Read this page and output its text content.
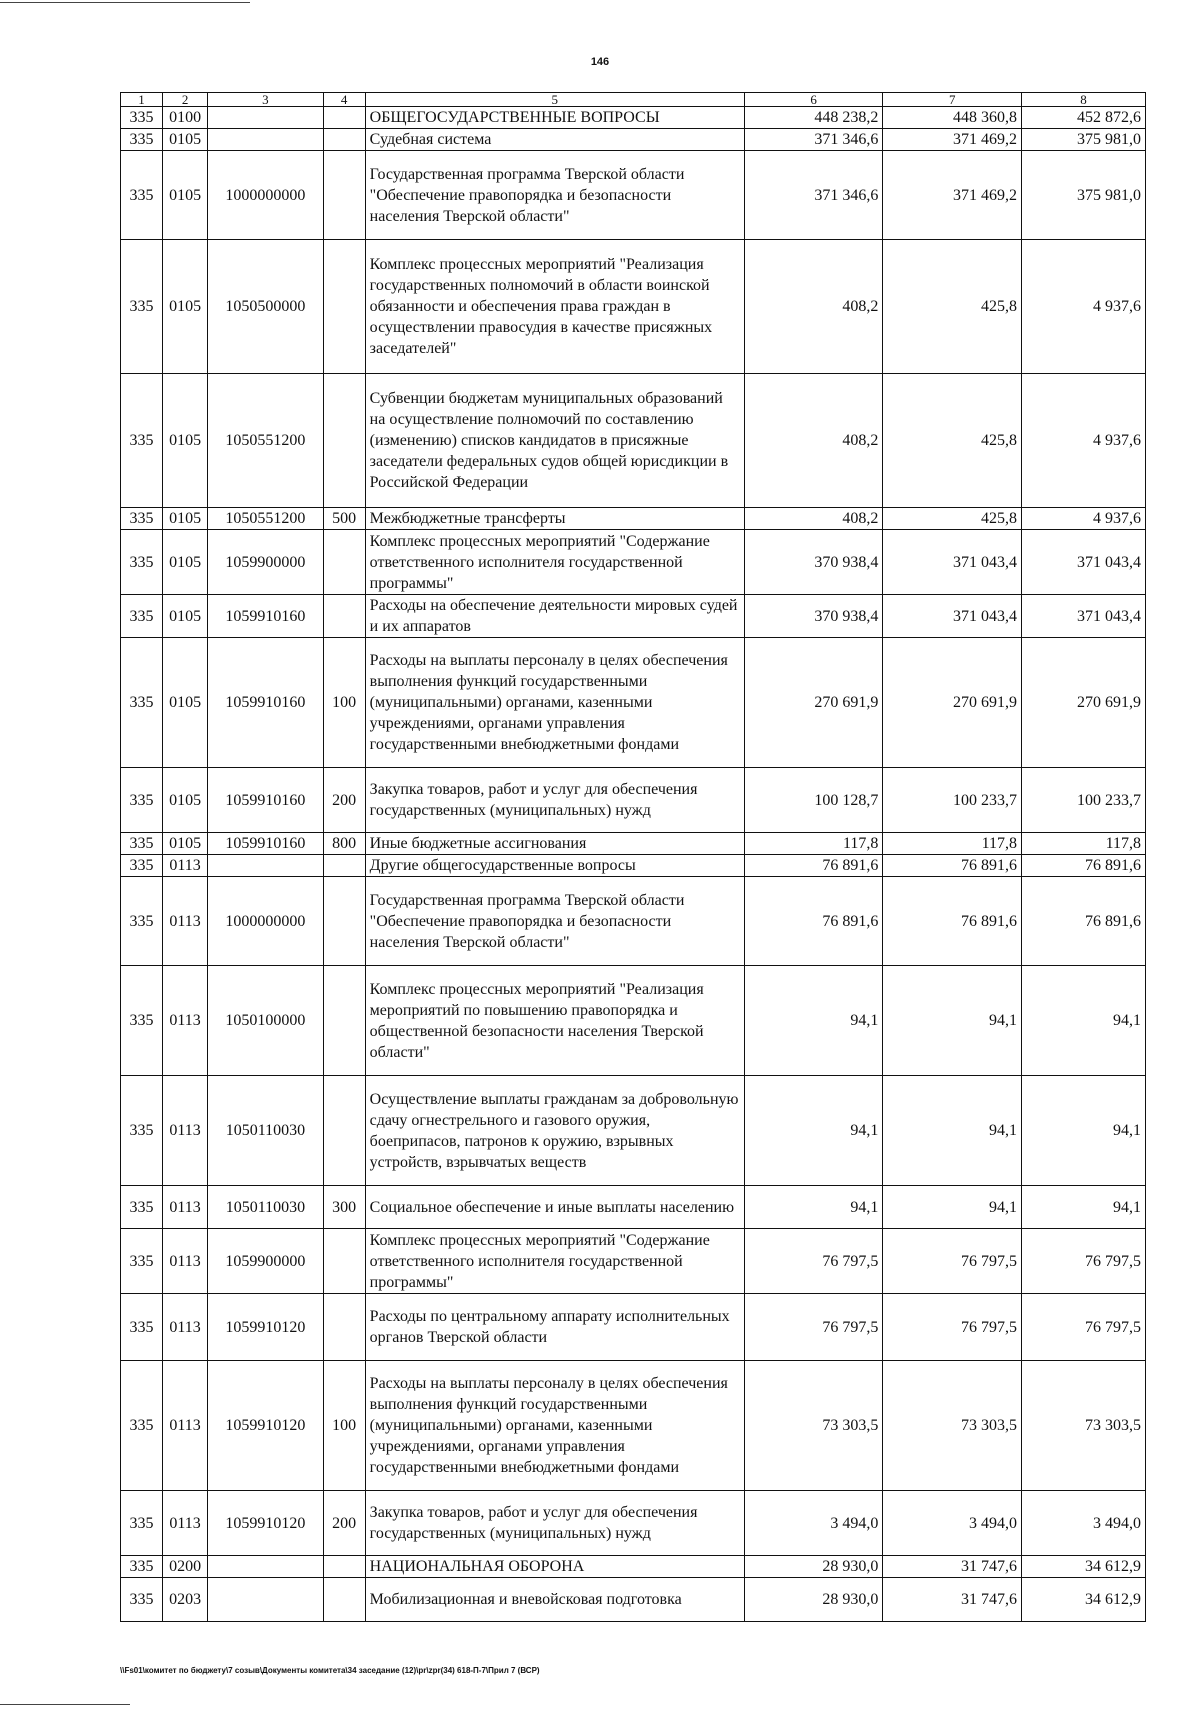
146
1	2	3	4	5	6	7	8
335	0100			ОБЩЕГОСУДАРСТВЕННЫЕ ВОПРОСЫ	448 238,2	448 360,8	452 872,6
335	0105			Судебная система	371 346,6	371 469,2	375 981,0
335	0105	1000000000		Государственная программа Тверской области "Обеспечение правопорядка и безопасности населения Тверской области"	371 346,6	371 469,2	375 981,0
335	0105	1050500000		Комплекс процессных мероприятий "Реализация государственных полномочий в области воинской обязанности и обеспечения права граждан в осуществлении правосудия в качестве присяжных заседателей"	408,2	425,8	4 937,6
335	0105	1050551200		Субвенции бюджетам муниципальных образований на осуществление полномочий по составлению (изменению) списков кандидатов в присяжные заседатели федеральных судов общей юрисдикции в Российской Федерации	408,2	425,8	4 937,6
335	0105	1050551200	500	Межбюджетные трансферты	408,2	425,8	4 937,6
335	0105	1059900000		Комплекс процессных мероприятий "Содержание ответственного исполнителя государственной программы"	370 938,4	371 043,4	371 043,4
335	0105	1059910160		Расходы на обеспечение деятельности мировых судей и их аппаратов	370 938,4	371 043,4	371 043,4
335	0105	1059910160	100	Расходы на выплаты персоналу в целях обеспечения выполнения функций государственными (муниципальными) органами, казенными учреждениями, органами управления государственными внебюджетными фондами	270 691,9	270 691,9	270 691,9
335	0105	1059910160	200	Закупка товаров, работ и услуг для обеспечения государственных (муниципальных) нужд	100 128,7	100 233,7	100 233,7
335	0105	1059910160	800	Иные бюджетные ассигнования	117,8	117,8	117,8
335	0113			Другие общегосударственные вопросы	76 891,6	76 891,6	76 891,6
335	0113	1000000000		Государственная программа Тверской области "Обеспечение правопорядка и безопасности населения Тверской области"	76 891,6	76 891,6	76 891,6
335	0113	1050100000		Комплекс процессных мероприятий "Реализация мероприятий по повышению правопорядка и общественной безопасности населения Тверской области"	94,1	94,1	94,1
335	0113	1050110030		Осуществление выплаты гражданам за добровольную сдачу огнестрельного и газового оружия, боеприпасов, патронов к оружию, взрывных устройств, взрывчатых веществ	94,1	94,1	94,1
335	0113	1050110030	300	Социальное обеспечение и иные выплаты населению	94,1	94,1	94,1
335	0113	1059900000		Комплекс процессных мероприятий "Содержание ответственного исполнителя государственной программы"	76 797,5	76 797,5	76 797,5
335	0113	1059910120		Расходы по центральному аппарату исполнительных органов Тверской области	76 797,5	76 797,5	76 797,5
335	0113	1059910120	100	Расходы на выплаты персоналу в целях обеспечения выполнения функций государственными (муниципальными) органами, казенными учреждениями, органами управления государственными внебюджетными фондами	73 303,5	73 303,5	73 303,5
335	0113	1059910120	200	Закупка товаров, работ и услуг для обеспечения государственных (муниципальных) нужд	3 494,0	3 494,0	3 494,0
335	0200			НАЦИОНАЛЬНАЯ ОБОРОНА	28 930,0	31 747,6	34 612,9
335	0203			Мобилизационная и вневойсковая подготовка	28 930,0	31 747,6	34 612,9
\\Fs01\комитет по бюджету\7 созыв\Документы комитета\34 заседание (12)\pr\zpr(34) 618-П-7\Прил 7 (ВСР)
